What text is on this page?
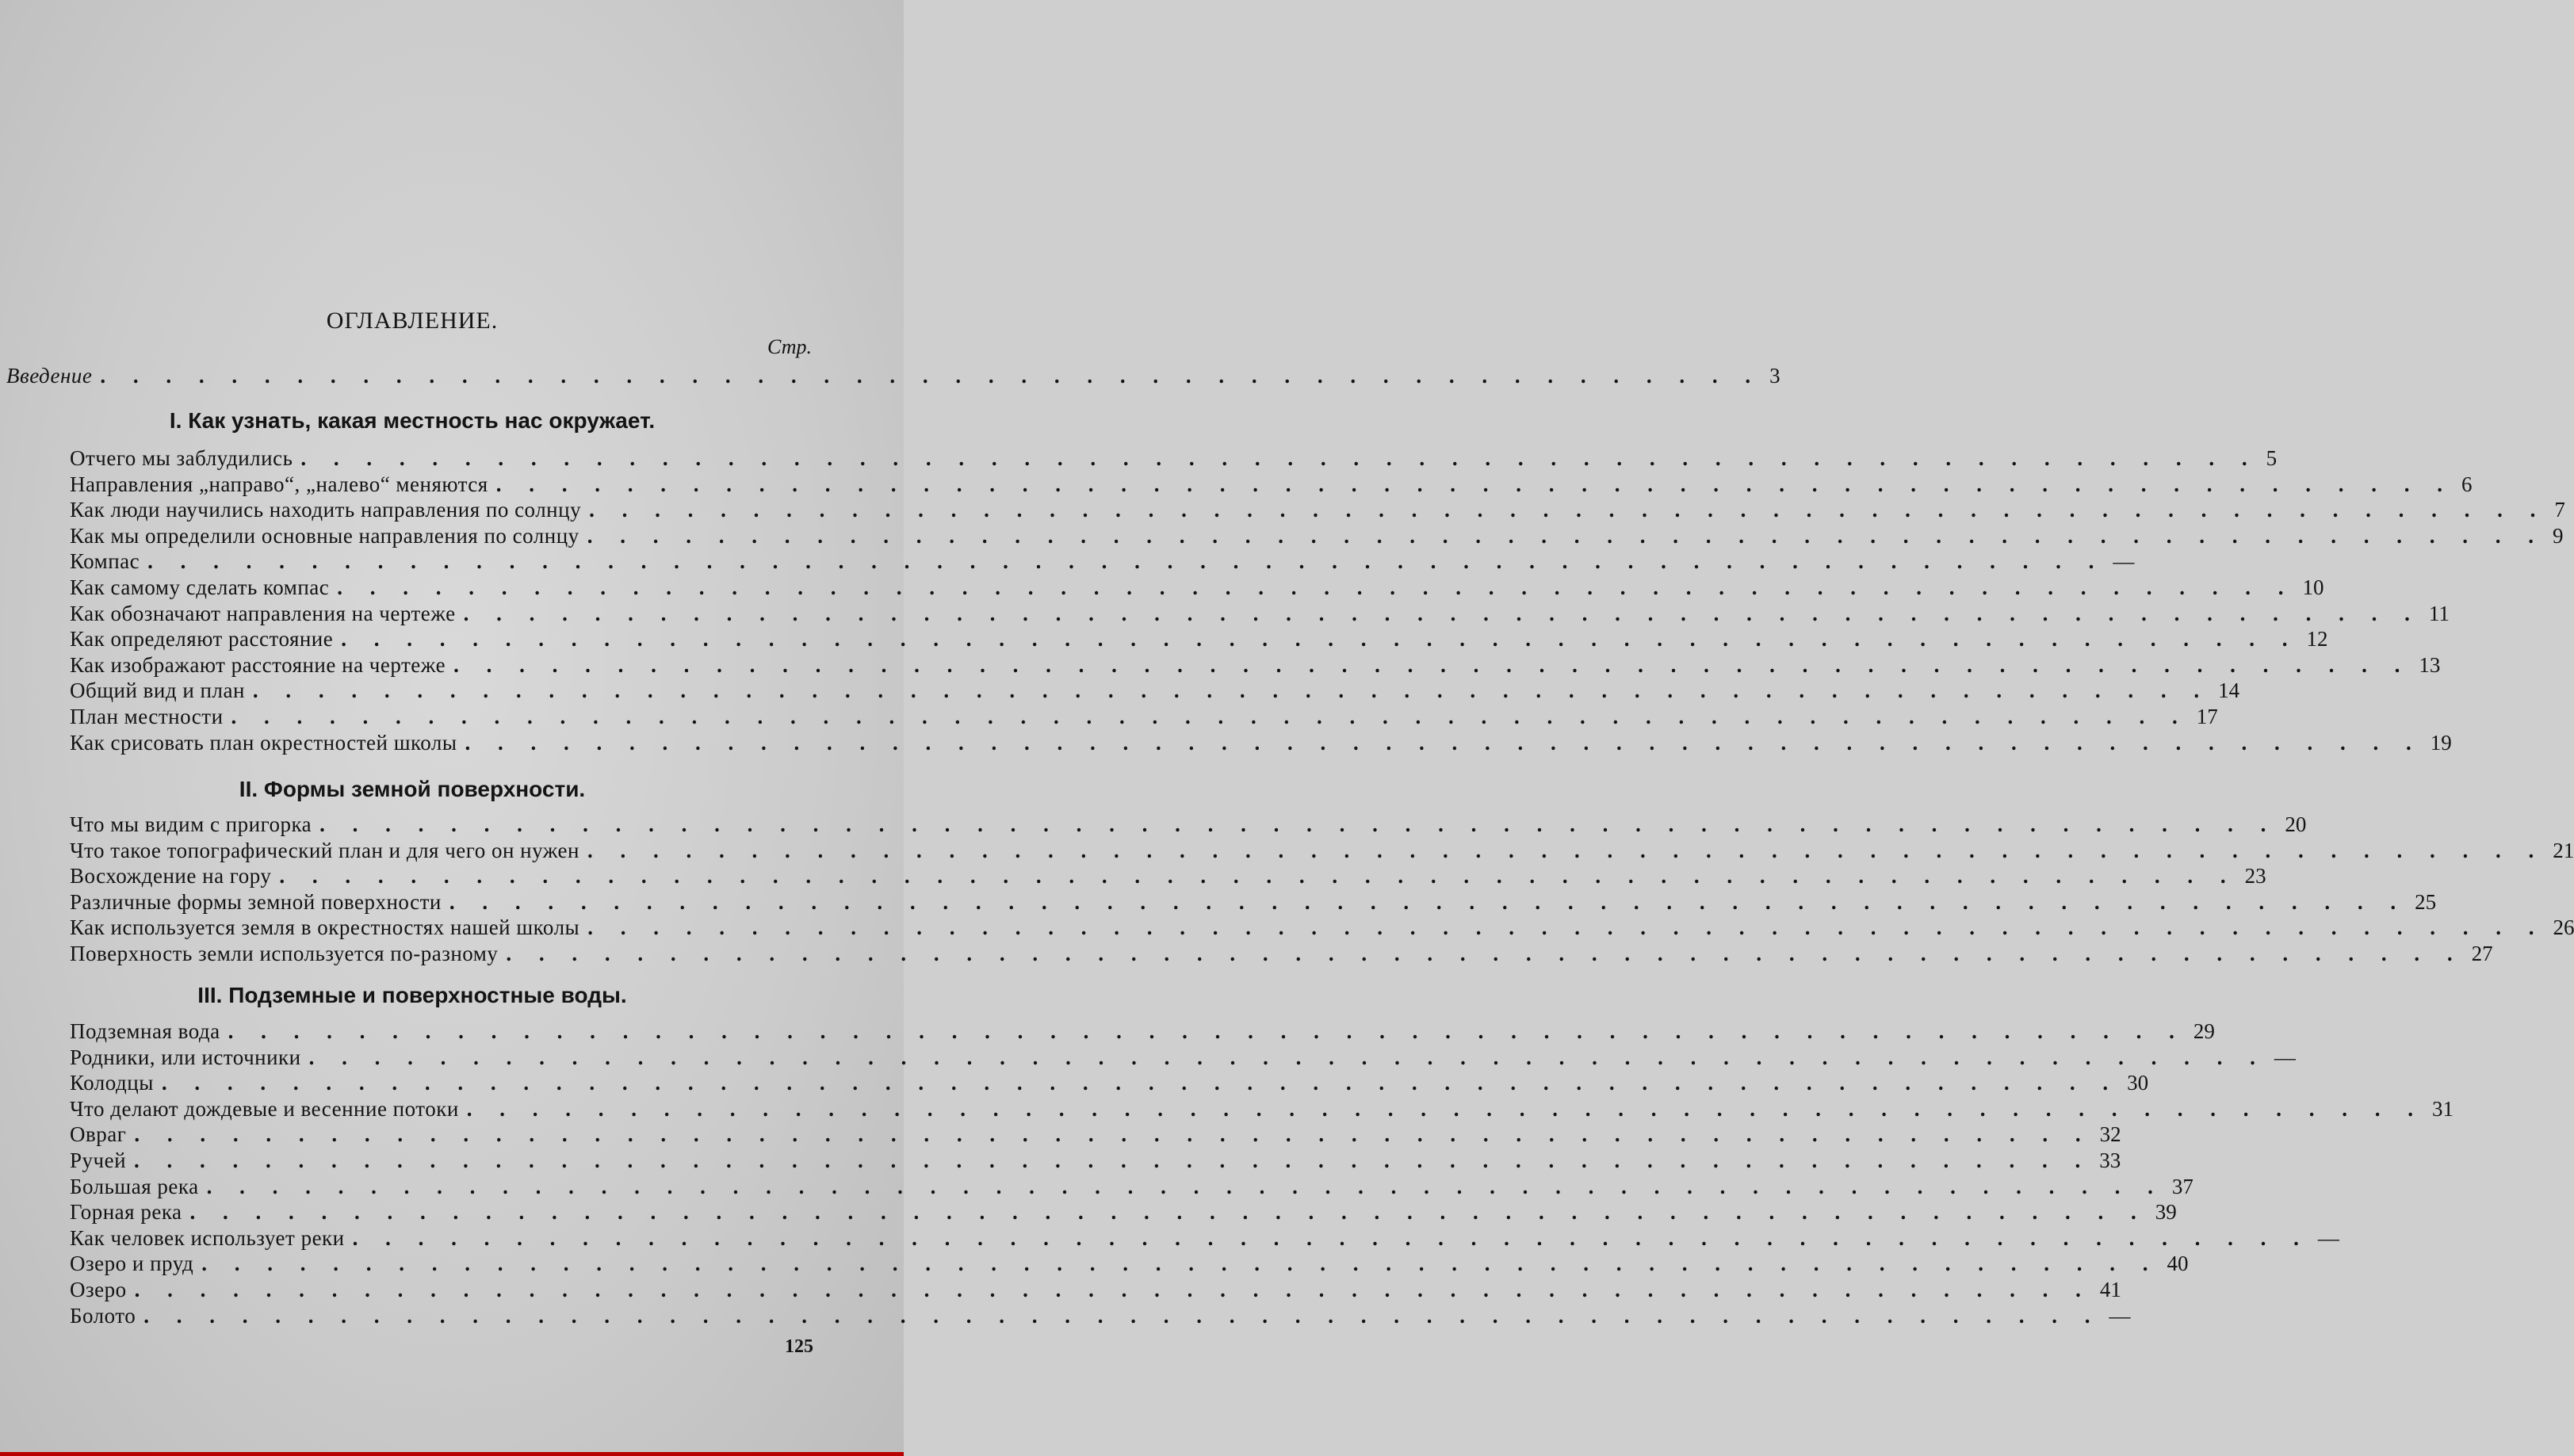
ОГЛАВЛЕНИЕ.
Стр.
Введение . . . . . . . . . . . . . . . . . . . . . . . . . . . . . . . . . . . . . . . . . . . . . . . . . . . 3
I. Как узнать, какая местность нас окружает.
Отчего мы заблудились . . . . . . . . . . . . . . . . . . . . . . . . . . . . . . . . . . . . . . . . . . . . . . . . . . . . . . . . . . . . 5
Направления „направо“, „налево“ меняются . . . . . . . . . . . . . . . . . . . . . . . . . . . . . . . . . . . . . . . . . . . . . . . . . . . . . . . . . . . . 6
Как люди научились находить направления по солнцу . . . . . . . . . . . . . . . . . . . . . . . . . . . . . . . . . . . . . . . . . . . . . . . . . . . . . . . . . . . . 7
Как мы определили основные направления по солнцу . . . . . . . . . . . . . . . . . . . . . . . . . . . . . . . . . . . . . . . . . . . . . . . . . . . . . . . . . . . . 9
Компас . . . . . . . . . . . . . . . . . . . . . . . . . . . . . . . . . . . . . . . . . . . . . . . . . . . . . . . . . . . . —
Как самому сделать компас . . . . . . . . . . . . . . . . . . . . . . . . . . . . . . . . . . . . . . . . . . . . . . . . . . . . . . . . . . . . 10
Как обозначают направления на чертеже . . . . . . . . . . . . . . . . . . . . . . . . . . . . . . . . . . . . . . . . . . . . . . . . . . . . . . . . . . . . 11
Как определяют расстояние . . . . . . . . . . . . . . . . . . . . . . . . . . . . . . . . . . . . . . . . . . . . . . . . . . . . . . . . . . . . 12
Как изображают расстояние на чертеже . . . . . . . . . . . . . . . . . . . . . . . . . . . . . . . . . . . . . . . . . . . . . . . . . . . . . . . . . . . . 13
Общий вид и план . . . . . . . . . . . . . . . . . . . . . . . . . . . . . . . . . . . . . . . . . . . . . . . . . . . . . . . . . . . . 14
План местности . . . . . . . . . . . . . . . . . . . . . . . . . . . . . . . . . . . . . . . . . . . . . . . . . . . . . . . . . . . . 17
Как срисовать план окрестностей школы . . . . . . . . . . . . . . . . . . . . . . . . . . . . . . . . . . . . . . . . . . . . . . . . . . . . . . . . . . . . 19
II. Формы земной поверхности.
Что мы видим с пригорка . . . . . . . . . . . . . . . . . . . . . . . . . . . . . . . . . . . . . . . . . . . . . . . . . . . . . . . . . . . . 20
Что такое топографический план и для чего он нужен . . . . . . . . . . . . . . . . . . . . . . . . . . . . . . . . . . . . . . . . . . . . . . . . . . . . . . . . . . . . 21
Восхождение на гору . . . . . . . . . . . . . . . . . . . . . . . . . . . . . . . . . . . . . . . . . . . . . . . . . . . . . . . . . . . . 23
Различные формы земной поверхности . . . . . . . . . . . . . . . . . . . . . . . . . . . . . . . . . . . . . . . . . . . . . . . . . . . . . . . . . . . . 25
Как используется земля в окрестностях нашей школы . . . . . . . . . . . . . . . . . . . . . . . . . . . . . . . . . . . . . . . . . . . . . . . . . . . . . . . . . . . . 26
Поверхность земли используется по-разному . . . . . . . . . . . . . . . . . . . . . . . . . . . . . . . . . . . . . . . . . . . . . . . . . . . . . . . . . . . . 27
III. Подземные и поверхностные воды.
Подземная вода . . . . . . . . . . . . . . . . . . . . . . . . . . . . . . . . . . . . . . . . . . . . . . . . . . . . . . . . . . . . 29
Родники, или источники . . . . . . . . . . . . . . . . . . . . . . . . . . . . . . . . . . . . . . . . . . . . . . . . . . . . . . . . . . . . —
Колодцы . . . . . . . . . . . . . . . . . . . . . . . . . . . . . . . . . . . . . . . . . . . . . . . . . . . . . . . . . . . . 30
Что делают дождевые и весенние потоки . . . . . . . . . . . . . . . . . . . . . . . . . . . . . . . . . . . . . . . . . . . . . . . . . . . . . . . . . . . . 31
Овраг . . . . . . . . . . . . . . . . . . . . . . . . . . . . . . . . . . . . . . . . . . . . . . . . . . . . . . . . . . . . 32
Ручей . . . . . . . . . . . . . . . . . . . . . . . . . . . . . . . . . . . . . . . . . . . . . . . . . . . . . . . . . . . . 33
Большая река . . . . . . . . . . . . . . . . . . . . . . . . . . . . . . . . . . . . . . . . . . . . . . . . . . . . . . . . . . . . 37
Горная река . . . . . . . . . . . . . . . . . . . . . . . . . . . . . . . . . . . . . . . . . . . . . . . . . . . . . . . . . . . . 39
Как человек использует реки . . . . . . . . . . . . . . . . . . . . . . . . . . . . . . . . . . . . . . . . . . . . . . . . . . . . . . . . . . . . —
Озеро и пруд . . . . . . . . . . . . . . . . . . . . . . . . . . . . . . . . . . . . . . . . . . . . . . . . . . . . . . . . . . . . 40
Озеро . . . . . . . . . . . . . . . . . . . . . . . . . . . . . . . . . . . . . . . . . . . . . . . . . . . . . . . . . . . . 41
Болото . . . . . . . . . . . . . . . . . . . . . . . . . . . . . . . . . . . . . . . . . . . . . . . . . . . . . . . . . . . . —
125
